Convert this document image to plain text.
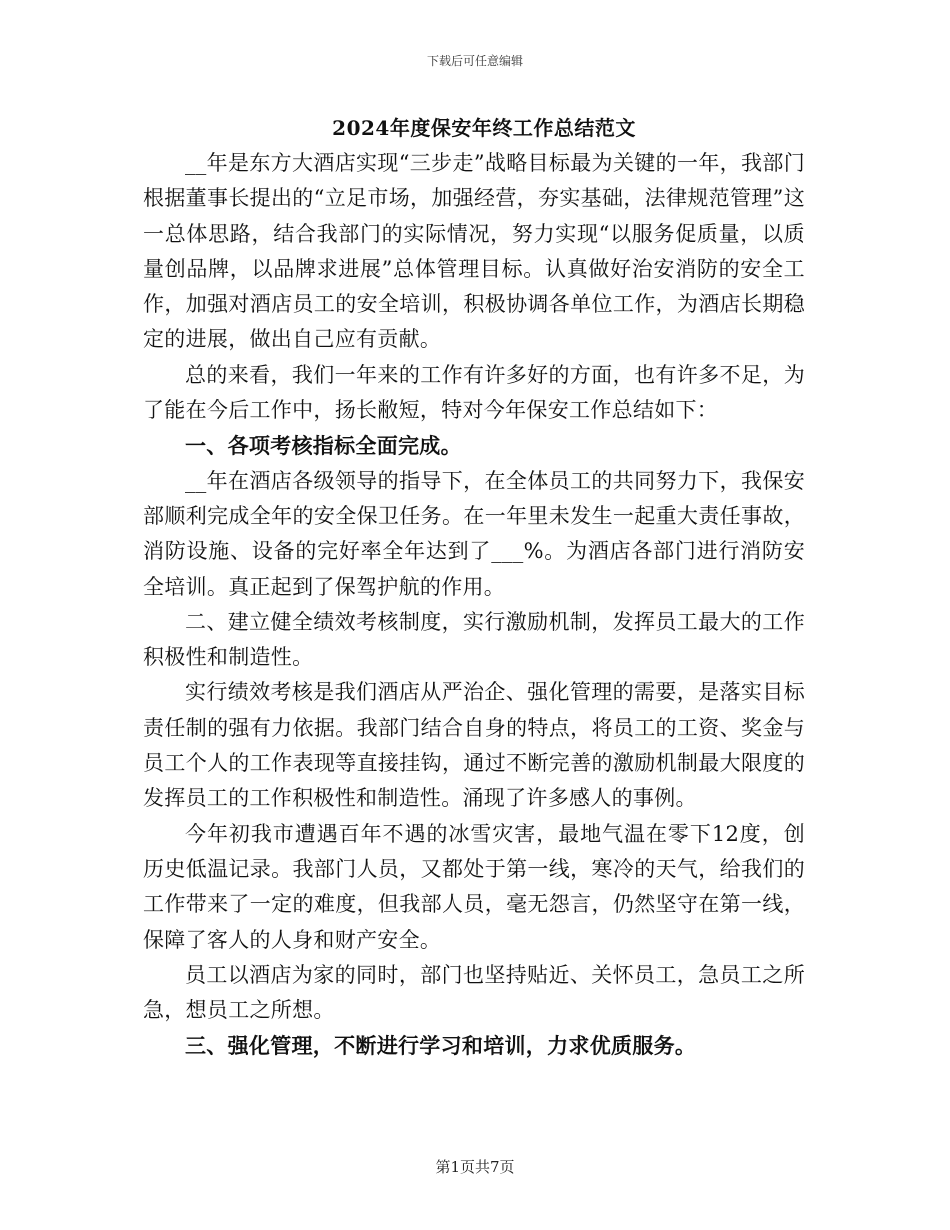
下载后可任意编辑
2024年度保安年终工作总结范文

__年是东方大酒店实现“三步走”战略目标最为关键的一年，我部门根据董事长提出的“立足市场，加强经营，夯实基础，法律规范管理”这一总体思路，结合我部门的实际情况，努力实现“以服务促质量，以质量创品牌，以品牌求进展”总体管理目标。认真做好治安消防的安全工作，加强对酒店员工的安全培训，积极协调各单位工作，为酒店长期稳定的进展，做出自己应有贡献。

总的来看，我们一年来的工作有许多好的方面，也有许多不足，为了能在今后工作中，扬长敝短，特对今年保安工作总结如下：

一、各项考核指标全面完成。

__年在酒店各级领导的指导下，在全体员工的共同努力下，我保安部顺利完成全年的安全保卫任务。在一年里未发生一起重大责任事故，消防设施、设备的完好率全年达到了___%。为酒店各部门进行消防安全培训。真正起到了保驾护航的作用。

二、建立健全绩效考核制度，实行激励机制，发挥员工最大的工作积极性和制造性。

实行绩效考核是我们酒店从严治企、强化管理的需要，是落实目标责任制的强有力依据。我部门结合自身的特点，将员工的工资、奖金与员工个人的工作表现等直接挂钩，通过不断完善的激励机制最大限度的发挥员工的工作积极性和制造性。涌现了许多感人的事例。

今年初我市遭遇百年不遇的冰雪灾害，最地气温在零下12度，创历史低温记录。我部门人员，又都处于第一线，寒冷的天气，给我们的工作带来了一定的难度，但我部人员，毫无怨言，仍然坚守在第一线，保障了客人的人身和财产安全。

员工以酒店为家的同时，部门也坚持贴近、关怀员工，急员工之所急，想员工之所想。

三、强化管理，不断进行学习和培训，力求优质服务。

第1页共7页
